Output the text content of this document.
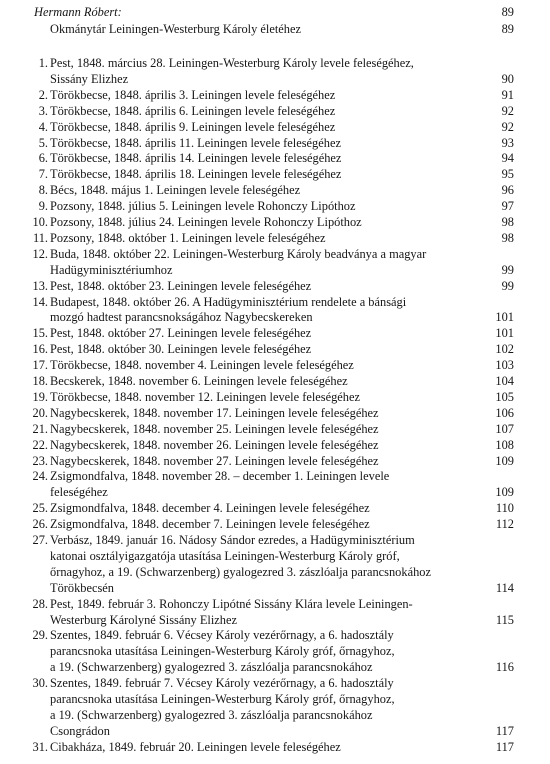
Hermann Róbert:	89
Okmánytár Leiningen-Westerburg Károly életéhez	89
1. Pest, 1848. március 28. Leiningen-Westerburg Károly levele feleségéhez,
Sissány Elizhez	90
2. Törökbecse, 1848. április 3. Leiningen levele feleségéhez	91
3. Törökbecse, 1848. április 6. Leiningen levele feleségéhez	92
4. Törökbecse, 1848. április 9. Leiningen levele feleségéhez	92
5. Törökbecse, 1848. április 11. Leiningen levele feleségéhez	93
6. Törökbecse, 1848. április 14. Leiningen levele feleségéhez	94
7. Törökbecse, 1848. április 18. Leiningen levele feleségéhez	95
8. Bécs, 1848. május 1. Leiningen levele feleségéhez	96
9. Pozsony, 1848. július 5. Leiningen levele Rohonczy Lipóthoz	97
10. Pozsony, 1848. július 24. Leiningen levele Rohonczy Lipóthoz	98
11. Pozsony, 1848. október 1. Leiningen levele feleségéhez	98
12. Buda, 1848. október 22. Leiningen-Westerburg Károly beadványa a magyar
Hadügyminisztériumhoz	99
13. Pest, 1848. október 23. Leiningen levele feleségéhez	99
14. Budapest, 1848. október 26. A Hadügyminisztérium rendelete a bánsági
mozgó hadtest parancsnokságához Nagybecskereken	101
15. Pest, 1848. október 27. Leiningen levele feleségéhez	101
16. Pest, 1848. október 30. Leiningen levele feleségéhez	102
17. Törökbecse, 1848. november 4. Leiningen levele feleségéhez	103
18. Becskerek, 1848. november 6. Leiningen levele feleségéhez	104
19. Törökbecse, 1848. november 12. Leiningen levele feleségéhez	105
20. Nagybecskerek, 1848. november 17. Leiningen levele feleségéhez	106
21. Nagybecskerek, 1848. november 25. Leiningen levele feleségéhez	107
22. Nagybecskerek, 1848. november 26. Leiningen levele feleségéhez	108
23. Nagybecskerek, 1848. november 27. Leiningen levele feleségéhez	109
24. Zsigmondfalva, 1848. november 28. – december 1. Leiningen levele
feleségéhez	109
25. Zsigmondfalva, 1848. december 4. Leiningen levele feleségéhez	110
26. Zsigmondfalva, 1848. december 7. Leiningen levele feleségéhez	112
27. Verbász, 1849. január 16. Nádosy Sándor ezredes, a Hadügyminisztérium
katonai osztályigazgatója utasítása Leiningen-Westerburg Károly gróf,
őrnagyhoz, a 19. (Schwarzenberg) gyalogezred 3. zászlóalja parancsnokához
Törökbecsén	114
28. Pest, 1849. február 3. Rohonczy Lipótné Sissány Klára levele Leiningen-
Westerburg Károlyné Sissány Elizhez	115
29. Szentes, 1849. február 6. Vécsey Károly vezérőrnagy, a 6. hadosztály
parancsnoka utasítása Leiningen-Westerburg Károly gróf, őrnagyhoz,
a 19. (Schwarzenberg) gyalogezred 3. zászlóalja parancsnokához	116
30. Szentes, 1849. február 7. Vécsey Károly vezérőrnagy, a 6. hadosztály
parancsnoka utasítása Leiningen-Westerburg Károly gróf, őrnagyhoz,
a 19. (Schwarzenberg) gyalogezred 3. zászlóalja parancsnokához
Csongrádon	117
31. Cibakháza, 1849. február 20. Leiningen levele feleségéhez	117
